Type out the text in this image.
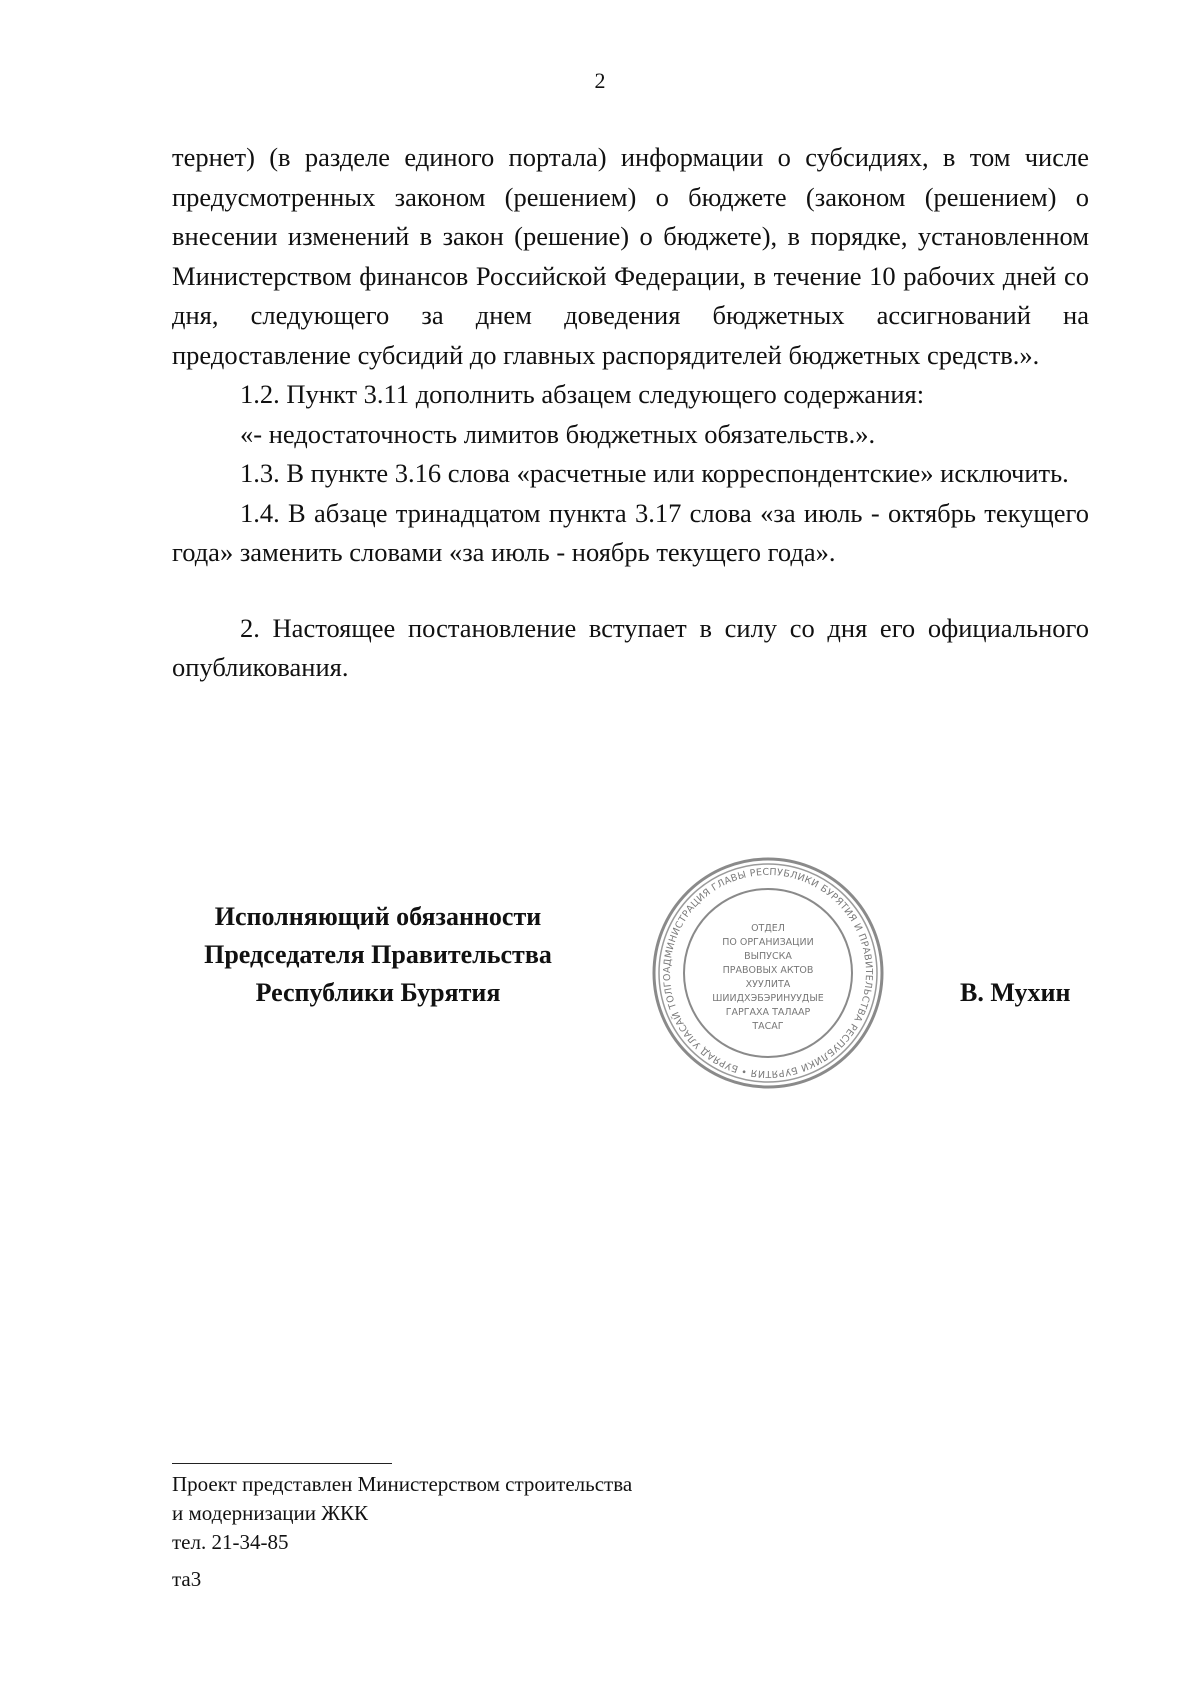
2

тернет) (в разделе единого портала) информации о субсидиях, в том числе предусмотренных законом (решением) о бюджете (законом (решением) о внесении изменений в закон (решение) о бюджете), в порядке, установленном Министерством финансов Российской Федерации, в течение 10 рабочих дней со дня, следующего за днем доведения бюджетных ассигнований на предоставление субсидий до главных распорядителей бюджетных средств.».

1.2. Пункт 3.11 дополнить абзацем следующего содержания:

«- недостаточность лимитов бюджетных обязательств.».

1.3. В пункте 3.16 слова «расчетные или корреспондентские» исключить.

1.4. В абзаце тринадцатом пункта 3.17 слова «за июль - октябрь текущего года» заменить словами «за июль - ноябрь текущего года».

2. Настоящее постановление вступает в силу со дня его официального опубликования.

Исполняющий обязанности
Председателя Правительства
Республики Бурятия
АДМИНИСТРАЦИЯ ГЛАВЫ РЕСПУБЛИКИ БУРЯТИЯ И ПРАВИТЕЛЬСТВА РЕСПУБЛИКИ БУРЯТИЯ • БУРЯАД УЛАСАЙ ТОЛГО
ОТДЕЛ
ПО ОРГАНИЗАЦИИ
ВЫПУСКА
ПРАВОВЫХ АКТОВ
ХУУЛИТА
ШИИДХЭБЭРИНУУДЫЕ
ГАРГАХА ТАЛААР
ТАСАГ
В. Мухин
Проект представлен Министерством строительства
и модернизации ЖКК
тел. 21-34-85
та3
